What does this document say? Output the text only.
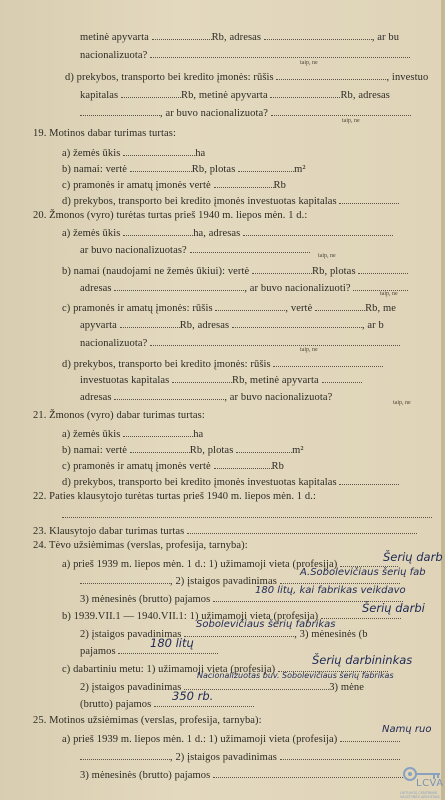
metinė apyvarta	Rb, adresas	, ar bu
nacionalizuota?
taip, ne
d) prekybos, transporto bei kredito įmonės: rūšis	, investuo
kapitalas	Rb, metinė apyvarta	Rb, adresas
, ar buvo nacionalizuota?
taip, ne
19. Motinos dabar turimas turtas:
a) žemės ūkis	ha
b) namai: vertė	Rb, plotas	m²
c) pramonės ir amatų įmonės vertė	Rb
d) prekybos, transporto bei kredito įmonės investuotas kapitalas
20. Žmonos (vyro) turėtas turtas prieš 1940 m. liepos mėn. 1 d.:
a) žemės ūkis	ha, adresas
ar buvo nacionalizuotas?	taip, ne
b) namai (naudojami ne žemės ūkiui): vertė	Rb, plotas
adresas	, ar buvo nacionalizuoti?	taip, ne
c) pramonės ir amatų įmonės: rūšis	, vertė	Rb, me
apyvarta	Rb, adresas	, ar b
nacionalizuota?
taip, ne
d) prekybos, transporto bei kredito įmonės: rūšis
investuotas kapitalas	Rb, metinė apyvarta
adresas	, ar buvo nacionalizuota?	taip, ne
21. Žmonos (vyro) dabar turimas turtas:
a) žemės ūkis	ha
b) namai: vertė	Rb, plotas	m²
c) pramonės ir amatų įmonės vertė	Rb
d) prekybos, transporto bei kredito įmonės investuotas kapitalas
22. Paties klausytojo turėtas turtas prieš 1940 m. liepos mėn. 1 d.:
23. Klausytojo dabar turimas turtas
24. Tėvo užsiėmimas (verslas, profesija, tarnyba):
a) prieš 1939 m. liepos mėn. 1 d.: 1) užimamoji vieta (profesija)
Šerių darb
, 2) įstaigos pavadinimas
A.Sobolevičiaus šerių fab
3) mėnesinės (brutto) pajamos
180 litų, kai fabrikas veikdavo
b) 1939.VII.1 — 1940.VII.1: 1) užimamoji vieta (profesija)
Šerių darbi
2) įstaigos pavadinimas	, 3) mėnesinės (b
Sobolevičiaus šerių fabrikas
pajamos
180 litų
c) dabartiniu metu: 1) užimamoji vieta (profesija)
Šerių darbininkas
2) įstaigos pavadinimas	3) mėne
Nacionalizuotas buv. Sobolevičiaus šerių fabrikas
(brutto) pajamos
350 rb.
25. Motinos užsiėmimas (verslas, profesija, tarnyba):
a) prieš 1939 m. liepos mėn. 1 d.: 1) užimamoji vieta (profesija)
Namų ruo
, 2) įstaigos pavadinimas
3) mėnesinės (brutto) pajamos
LCVA
LIETUVOS CENTRINIS VALSTYBĖS ARCHYVAS
